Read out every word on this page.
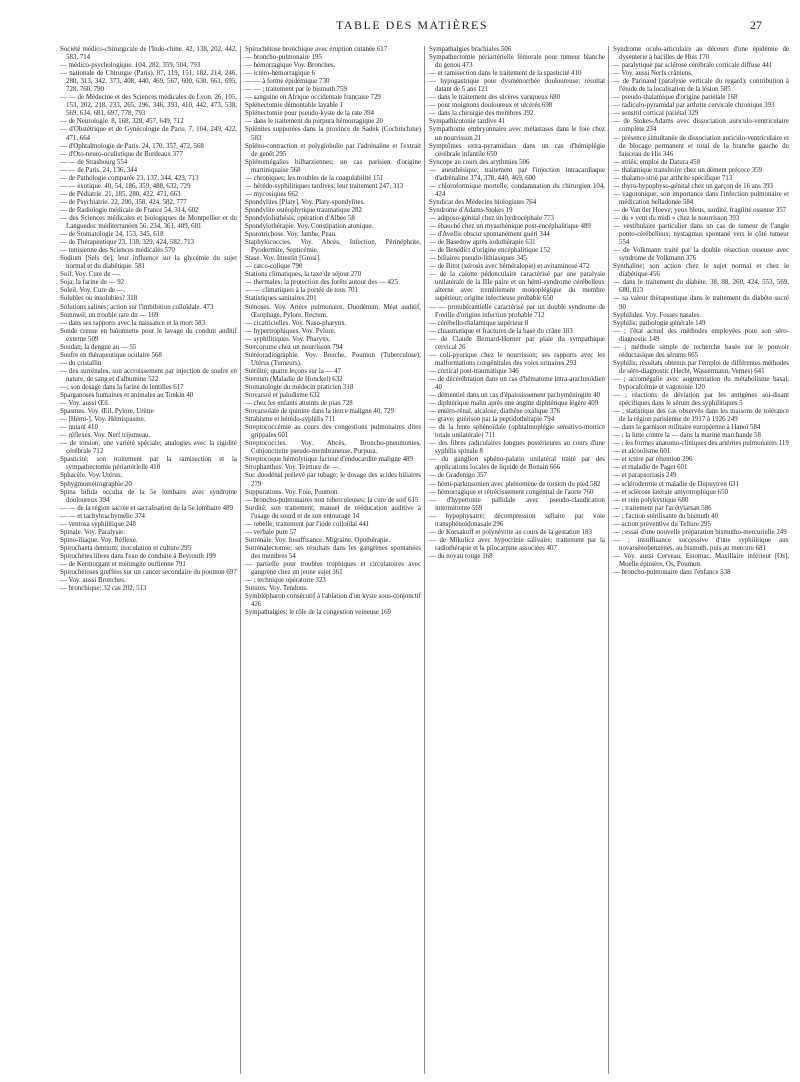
TABLE DES MATIÈRES	27
Société médico-chirurgicale de l'Indo-chine. 42, 138, 202, 442, 583, 714
— médico-psychologique. 104, 282, 359, 504, 793
— nationale de Chirurgie (Paris). 87, 119, 151, 182, 214, 246, 280, 313, 342, 373, 408, 440, 469, 567, 600, 630, 661, 695, 728, 760, 790
— — de Médecine et des Sciences médicales de Lyon. 26, 105, 153, 202, 218, 233, 265, 296, 346, 393, 410, 442, 473, 538, 569, 634, 681, 697, 778, 793
— de Neurologie. 8, 168, 328, 457, 649, 712
— d'Obstétrique et de Gynécologie de Paris. 7, 104, 249, 422, 471, 664
— d'Ophtalmologie de Paris. 24, 170, 357, 472, 568
— d'Oto-neuro-oculistique de Bordeaux 377
— — de Strasbourg 554
— — de Paris. 24, 136, 344
— de Pathologie comparée 23, 137, 344, 423, 713
— — exotique. 40, 54, 186, 359, 488, 632, 729
— de Pédiatrie. 21, 185, 280, 422, 471, 663
— de Psychiatrie. 22, 200, 358, 424, 582, 777
— de Radiologie médicale de France 54, 314, 602
— des Sciences médicales et biologiques de Montpellier et du Languedoc méditerranéen 56, 234, 361, 489, 681
— de Stomatologie 24, 153, 345, 618
— de Thérapeutique 23, 138, 329, 424, 582, 713
— tunisienne des Sciences médicales 570
Sodium [Sels de]; leur influence sur la glycémie du sujet normal et du diabétique. 581
Soif. Voy. Cure de —.
Soja; la farine de — 92
Soleil. Voy. Cure de —.
Solubles ou insolubles? 318
Solutions salines; action sur l'imbibition colloïdale. 473
Sommeil; un trouble rare du — 169
— dans ses rapports avec la naissance et la mort 583
Sonde creuse en baïonnette pour le lavage du conduit auditif externe 509
Soudan; la dengue au — 55
Soufre en thérapeutique oculaire 568
— du cristallin
— des surrénales, son accroissement par injection de soufre en nature, de sang et d'albumine 522
—; son dosage dans la farine de lentilles 617
Sparganoses humaines et animales au Tonkin 40
— Voy. aussi Œil.
Spasmes. Voy. Œil, Pylore, Urètre
— [Hémi-]. Voy. Hémispasme.
— nutant 410
— réflexes. Voy. Nerf trijumeau.
— de torsion; une variété spéciale; analogies avec la rigidité cérébrale 712
Spasticité; son traitement par la ramisection et la sympathectomie périartérielle 410
Sphacèle. Voy. Utérus.
Sphygmométrographie 20
Spina bifida occulta de la 5e lombaire avec syndrome douloureux 394
— — de la région sacrée et sacralisation de la 5e lombaire 489
— — et tachybrachymélie 374
— ventosa syphilitique 248
Spinale. Voy. Paralysie.
Spino-iliaque. Voy. Réflexe.
Spirochaeta dentium; inoculation et culture 295
Spirochètes libres dans l'eau de conduite à Beyrouth 199
— de Kermorgant et méningite ourlienne 791
Spirochétoses greffées sur un cancer secondaire du poumon 697
— Voy. aussi Bronches.
— bronchique; 32 cas 202, 513
Spirochétose bronchique avec éruption cutanée 617
— broncho-pulmonaire 195
— hémorragique Voy. Bronches.
— ictéro-hémorragique 6
— — à forme épidémique 730
— — ; traitement par le bismuth 759
— sanguine en Afrique occidentale française 729
Splénectomie démontable lavable 1
Splénectomie pour pseudo-kyste de la rate 394
— dans le traitement du purpura hémorragique 20
Splénites suppurées dans la province de Sadek (Cochinchine) 583
Spléno-contraction et polyglobulie par l'adrénaline et l'extrait de genêt 295
Splénomégalies bilharziennes; un cas parisien d'origine martiniquaise 568
— chroniques; les troubles de la coagulabilité 151
— hérédo-syphilitiques tardives; leur traitement 247, 313
— mycosiques 662
Spondylites [Platy]. Voy. Platy-spondylites.
Spondylite ostéophytique traumatique 282
Spondylolisthésis; opération d'Albee 58
Spondylothérapie. Voy. Constipation atonique.
Sporotrichose. Voy. Jambe, Peau.
Staphylococcies. Voy. Abcès, Infection, Périnéphrite, Pyodermite, Septicémie.
Stase. Voy. Intestin [Grosi].
— cæco-colique 790
Stations climatiques, la taxe de séjour 270
— thermales; la protection des forêts autour des — 425
— — climatiques à la portée de tous 701
Statistiques sanitaires 201
Sténoses. Voy. Artère pulmonaire, Duodénum, Méat auditif, Œsophage, Pylore, Rectum.
— cicatricielles. Voy. Naso-pharynx.
— hypertrophiques. Voy. Pylore.
— syphilitiques. Voy. Pharynx.
Stercorome chez un nourrisson 794
Stéréoradiographie. Voy. Bouche, Poumon (Tuberculose), Utérus (Tumeurs).
Stérilité; quatre leçons sur la — 47
Sternum (Maladie de Honckel) 632
Stomatologie du médecin praticien 318
Stovarsol et paludisme 632
— chez les enfants atteints de pian 728
Stovarsolate de quinine dans la tierce maligne 40, 729
Strabisme et hérédo-syphilis 711
Streptococcémie au cours des congestions pulmonaires dites grippales 601
Streptococcies. Voy. Abcès, Broncho-pneumonies, Conjonctivite pseudo-membraneuse, Purpura.
Streptocoque hémolytique facteur d'endocardite maligne 489
Strophanthus. Voy. Teinture de —.
Suc duodénal prélevé par tubage; le dosage des acides biliaires 279
Suppurations. Voy. Foie, Poumon.
— broncho-pulmonaires non tuberculeuses; la cure de soif 615
Surdité; son traitement; manuel de rééducation auditive à l'usage du sourd et de son entourage 14
— rebelle; traitement par l'iode colloïdal 441
— verbale pure 57
Surrénale. Voy. Insuffisance, Migraine, Opothérapie.
Surrénalectomie; ses résultats dans les gangrènes spontanées des membres 54
— partielle pour troubles trophiques et circulatoires avec gangrène chez un jeune sujet 361
— ; technique opératoire 323
Sutures. Voy. Tendons.
Symblépharon consécutif à l'ablation d'un kyste sous-conjonctif 426
Sympathalgies; le rôle de la congestion veineuse 169
Sympathalgies brachiales 506
Sympathectomie périartérielle fémorale pour tumeur blanche du genou 473
— et ramisection dans le traitement de la spasticité 410
— hypogastrique pour dysménorrhée douloureuse; résultat datant de 5 ans 121
— dans le traitement des ulcères variqueux 680
— pour moignons douloureux et ulcérés 698
— dans la chirurgie des membres 392
Sympathicotonie tardive 41
Sympathome embryonnaire avec métastases dans le foie chez un nourrisson 21
Symptômes extra-pyramidaux dans un cas d'hémiplégie cérébrale infantile 650
Syncope au cours des arythmies 506
— anesthésique; traitement par l'injection intracardiaque d'adrénaline 374, 378, 440, 469, 600
— chloroformique mortelle; condamnation du chirurgien 104, 424
Syndicat des Médecins biologistes 764
Syndrome d'Adams-Stokes 19
— adiposo-génital chez un hydrocéphale 773
— ébauché chez un myasthénique post-encéphalitique 489
— d'Avellis obscur spontanément guéri 344
— de Basedow après iodothérapie 631
— de Benedict d'origine encéphalitique 152
— biliaires pseudo-lithiasiques 345
— de Bitot (xérosis avec héméralopie) et avitaminose 472
— de la calotte pédonculaire caractérisé par une paralysie unilatérale de la IIIe paire et un hémi-syndrome cérébelleux alterne avec tremblement monoplégique du membre supérieur; origine infectieuse probable 650
— — protubérantielle caractérisé par un double syndrome de Foville d'origine infection probable 712
— cérébello-thalamique supérieur 8
— chiasmatique et fractures de la base du crâne 103
— de Claude Bernard-Horner par plaie du sympathique cervical 26
— coli-pyurique chez le nourrisson; ses rapports avec les malformations congénitales des voies urinaires 293
— cortical post-traumatique 346
— de décérébration dans un cas d'hématome intra-arachnoïdien 40
— démentiel dans un cas d'épaississement pachyméningite 40
— diphtérique malin après une angine diphtérique légère 409
— entéro-rénal, alcalose, diathèse oxalique 376
— grave; guérison par la peptidothérapie 794
— de la fente sphénoïdale (ophtalmoplégie sensitivo-motrice totale unilatérale) 711
— des fibres radiculaires longues postérieures au cours d'une syphilis spinale 8
— du ganglion sphéno-palatin unilatéral traité par des applications locales de liquide de Bonain 666
— de Gradenigo 357
— hémi-parkinsonien avec phénomène de torsion du pied 582
— hémorragique et rétrécissement congénital de l'aorte 760
— d'hypertonie pallidale avec pseudo-claudication intermittente 569
— hypophysaire; décompression sellaire par voie transphénoïdonasale 296
— de Korsakoff et polynévrite au cours de la gestation 183
— de Mikulicz avec hypocrinie salivaire; traitement par la radiothérapie et la pilocarpine associées 407
— du noyau rouge 168
Syndrome oculo-articulaire au décours d'une épidémie de dysenterie à bacilles de Hiss 170
— paralytique par sclérose cérébrale corticale diffuse 441
— Voy. aussi Nerfs crâniens.
— de Parinaud (paralysie verticale du regard); contribution à l'étude de la localisation de la lésion 585
— pseudo-thalamique d'origine pariétale 168
— radiculo-pyramidal par arthrite cervicale chronique 393
— sensitif cortical pariétal 329
— de Stokes-Adams avec dissociation auriculo-ventriculaire complète 234
— présence simultanée de dissociation auriculo-ventriculaire et de blocage permanent et total de la branche gauche du faisceau de His 346
— striés; emploi du Datura 458
— thalamique transitoire chez un dément précoce 359
— thalamo-strié par arthrite spécifique 713
— thyro-hypophyso-génital chez un garçon de 16 ans 393
— vagotonique; son importance dans l'infection pulmonaire et médication belladonée 584
— de Van der Hoeve; yeux bleus, surdité, fragilité osseuse 357
— du « vent du midi » chez le nourrisson 393
— vestibulaire particulier dans un cas de tumeur de l'angle ponto-cérébelleux; nystagmus spontané vers le côté tumeur 554
— de Volkmann traité par la double résection osseuse avec syndrome de Volkmann 376
Synthaline; son action chez le sujet normal et chez le diabétique 456
— dans le traitement du diabète. 38, 88, 260, 424, 553, 569, 680, 813
— sa valeur thérapeutique dans le traitement du diabète sucré 90
Syphilides. Voy. Fosses nasales.
Syphilis; pathologie générale 149
— ; l'état actuel des méthodes employées pour son séro-diagnostic 149
— ; méthode simple de recherche basée sur le pouvoir réductasique des sérums 665
Syphilis; résultats obtenus par l'emploi de différentes méthodes de séro-diagnostic (Hecht, Wassermann, Vernes) 641
— ; acromégalie avec augmentation du métabolisme basal, hypocalcémie et vagotonie 120
— ; réactions de déviation par les antigènes soi-disant spécifiques dans le sérum des syphilitiques 5
— ; statistique des cas observés dans les maisons de tolérance de la région parisienne de 1917 à 1926 249
— dans la garnison militaire européenne à Hanoï 584
— ; la lutte contre la — dans la marine marchande 58
— ; les formes anatomo-cliniques des artérites pulmonaires 119
— et alcoolisme 601
— et ictère par rétention 296
— et maladie de Paget 601
— et parapsoriasis 249
— sclérodermie et maladie de Dupuytren 631
— et sclérose latérale amyotrophique 650
— et rein polykystique 680
— ; traitement par l'acétylarsan 586
— ; l'action stérilisante du bismuth 40
— action préventive du Tellure 295
— ; essai d'une nouvelle préparation bismutho-mercurielle 249
— ; insuffisance successive d'une syphilitique aux novarsénobenzènes, au bismuth, puis au mercure 681
— Voy. aussi Cerveau, Estomac, Maxillaire inférieur [Os], Moelle épinière, Os, Poumon.
— broncho-pulmonaire dans l'enfance 538
